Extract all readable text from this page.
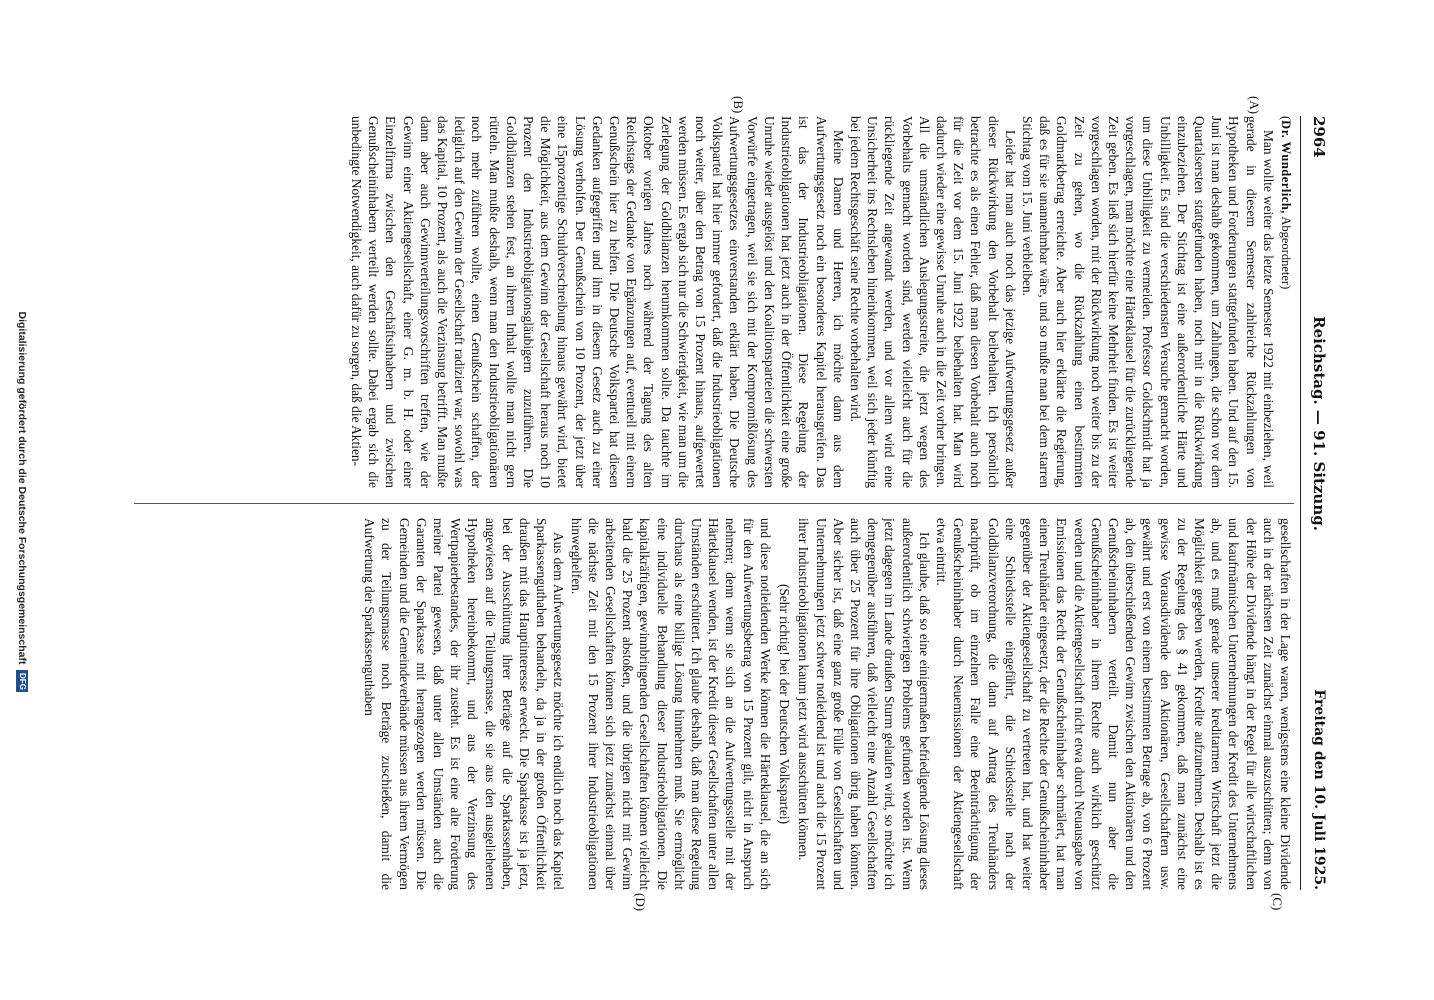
2964
Reichstag. — 91. Sitzung.
Freitag den 10. Juli 1925.
(A)
(B)
(C)
(D)

(Dr. Wunderlich, Abgeordneter)

Man wollte weiter das letzte Semester 1922 mit einbeziehen, weil gerade in diesem Semester zahlreiche Rückzahlungen von Hypotheken und Forderungen stattgefunden haben. Und auf den 15. Juni ist man deshalb gekommen, um Zahlungen, die schon vor dem Quartalsersten stattgefunden haben, noch mit in die Rückwirkung einzubeziehen. Der Stichtag ist eine außerordentliche Härte und Unbilligkeit. Es sind die verschiedensten Versuche gemacht worden, um diese Unbilligkeit zu vermeiden. Professor Goldschmidt hat ja vorgeschlagen, man möchte eine Härteklausel für die zurückliegende Zeit geben. Es ließ sich hierfür keine Mehrheit finden. Es ist weiter vorgeschlagen worden, mit der Rückwirkung noch weiter bis zu der Zeit zu gehen, wo die Rückzahlung einen bestimmten Goldmarkbetrag erreichte. Aber auch hier erklärte die Regierung, daß es für sie unannehmbar wäre, und so mußte man bei dem starren Stichtag vom 15. Juni verbleiben.

Leider hat man auch noch das jetzige Aufwertungsgesetz außer dieser Rückwirkung den Vorbehalt beibehalten. Ich persönlich betrachte es als einen Fehler, daß man diesen Vorbehalt auch noch für die Zeit vor dem 15. Juni 1922 beibehalten hat. Man wird dadurch wieder eine gewisse Unruhe auch in die Zeit vorher bringen. All die umständlichen Auslegungsstreite, die jetzt wegen des Vorbehalts gemacht worden sind, werden vielleicht auch für die rückliegende Zeit angewandt werden, und vor allem wird eine Unsicherheit ins Rechtsleben hineinkommen, weil sich jeder künftig bei jedem Rechtsgeschäft seine Rechte vorbehalten wird.

Meine Damen und Herren, ich möchte dann aus dem Aufwertungsgesetz noch ein besonderes Kapitel herausgreifen. Das ist das der Industrieobligationen. Diese Regelung der Industrieobligationen hat jetzt auch in der Öffentlichkeit eine große Unruhe wieder ausgelöst und den Koalitionsparteien die schwersten Vorwürfe eingetragen, weil sie sich mit der Kompromißlösung des Aufwertungsgesetzes einverstanden erklärt haben. Die Deutsche Volkspartei hat hier immer gefordert, daß die Industrieobligationen noch weiter, über den Betrag von 15 Prozent hinaus, aufgewertet werden müssen. Es ergab sich nur die Schwierigkeit, wie man um die Zerlegung der Goldbilanzen herumkommen sollte. Da tauchte im Oktober vorigen Jahres noch während der Tagung des alten Reichstags der Gedanke von Ergänzungen auf, eventuell mit einem Genußschein hier zu helfen. Die Deutsche Volkspartei hat diesen Gedanken aufgegriffen und ihm in diesem Gesetz auch zu einer Lösung verholfen. Der Genußschein von 10 Prozent, der jetzt über eine 15prozentige Schuldverschreibung hinaus gewährt wird, bietet die Möglichkeit, aus dem Gewinn der Gesellschaft heraus noch 10 Prozent den Industrieobligationsgläubigern zuzuführen. Die Goldbilanzen stehen fest, an ihrem Inhalt wollte man nicht gern rütteln. Man mußte deshalb, wenn man den Industrieobligationären noch mehr zuführen wollte, einen Genußschein schaffen, der lediglich auf den Gewinn der Gesellschaft radiziert war, sowohl was das Kapital, 10 Prozent, als auch die Verzinsung betrifft. Man mußte dann aber auch Gewinnverteilungsvorschriften treffen, wie der Gewinn einer Aktiengesellschaft, einer G. m. b. H. oder einer Einzelfirma zwischen den Geschäftsinhabern und zwischen Genußscheininhabern verteilt werden sollte. Dabei ergab sich die unbedingte Notwendigkeit, auch dafür zu sorgen, daß die Aktien-

gesellschaften in der Lage waren, wenigstens eine kleine Dividende auch in der nächsten Zeit zunächst einmal auszuschütten; denn von der Höhe der Dividende hängt in der Regel für alle wirtschaftlichen und kaufmännischen Unternehmungen der Kredit des Unternehmens ab, und es muß gerade unserer kreditarmen Wirtschaft jetzt die Möglichkeit gegeben werden, Kredite aufzunehmen. Deshalb ist es zu der Regelung des § 41 gekommen, daß man zunächst eine gewisse Vorausdividende den Aktionären, Gesellschaftern usw. gewährt und erst von einem bestimmten Betrage ab, von 6 Prozent ab, den überschießenden Gewinn zwischen den Aktionären und den Genußscheininhabern verteilt. Damit nun aber die Genußscheininhaber in ihrem Rechte auch wirklich geschützt werden und die Aktiengesellschaft nicht etwa durch Neuausgabe von Emissionen das Recht der Genußscheininhaber schmälert, hat man einen Treuhänder eingesetzt, der die Rechte der Genußscheininhaber gegenüber der Aktiengesellschaft zu vertreten hat, und hat weiter eine Schiedsstelle eingeführt, die Schiedsstelle nach der Goldbilanzverordnung, die dann auf Antrag des Treuhänders nachprüft, ob im einzelnen Falle eine Beeinträchtigung der Genußscheininhaber durch Neuemissionen der Aktiengesellschaft etwa eintritt.

Ich glaube, daß so eine einigermaßen befriedigende Lösung dieses außerordentlich schwierigen Problems gefunden worden ist. Wenn jetzt dagegen im Lande draußen Sturm gelaufen wird, so möchte ich demgegenüber ausführen, daß vielleicht eine Anzahl Gesellschaften auch über 25 Prozent für ihre Obligationen übrig haben könnten. Aber sicher ist, daß eine ganz große Fülle von Gesellschaften und Unternehmungen jetzt schwer notleidend ist und auch die 15 Prozent ihrer Industrieobligationen kaum jetzt wird ausschütten können.

(Sehr richtig! bei der Deutschen Volkspartei)

und diese notleidenden Werke können die Härteklausel, die an sich für den Aufwertungsbetrag von 15 Prozent gilt, nicht in Anspruch nehmen; denn wenn sie sich an die Aufwertungsstelle mit der Härteklausel wenden, ist der Kredit dieser Gesellschaften unter allen Umständen erschüttert. Ich glaube deshalb, daß man diese Regelung durchaus als eine billige Lösung hinnehmen muß. Sie ermöglicht eine individuelle Behandlung dieser Industrieobligationen. Die kapitalkräftigen, gewinnbringenden Gesellschaften können vielleicht bald die 25 Prozent abstoßen, und die übrigen nicht mit Gewinn arbeitenden Gesellschaften können sich jetzt zunächst einmal über die nächste Zeit mit den 15 Prozent ihrer Industrieobligationen hinweghelfen.

Aus dem Aufwertungsgesetz möchte ich endlich noch das Kapitel Sparkassenguthaben behandeln, da ja in der großen Öffentlichkeit draußen mit das Hauptinteresse erweckt. Die Sparkasse ist ja jetzt, bei der Ausschüttung ihrer Beträge auf die Sparkassenhaben, angewiesen auf die Teilungsmasse, die sie aus den ausgeliehenen Hypotheken hereinbekommt, und aus der Verzinsung des Wertpapierbestandes, der ihr zusteht. Es ist eine alte Forderung meiner Partei gewesen, daß unter allen Umständen auch die Garanten der Sparkasse mit herangezogen werden müssen. Die Gemeinden und die Gemeindeverbände müssen aus ihrem Vermögen zu der Teilungsmasse noch Beträge zuschießen, damit die Aufwertung der Sparkassenguthaben

Digitalisierung gefördert durch die Deutsche Forschungsgemeinschaft
DFG
